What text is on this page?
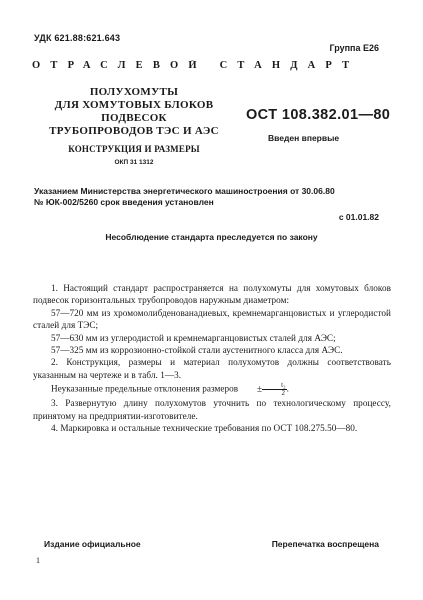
УДК 621.88:621.643
Группа Е26
ОТРАСЛЕВОЙ СТАНДАРТ
ПОЛУХОМУТЫ
ДЛЯ ХОМУТОВЫХ БЛОКОВ
ПОДВЕСОК
ТРУБОПРОВОДОВ ТЭС И АЭС
КОНСТРУКЦИЯ И РАЗМЕРЫ
ОКП 31 1312
ОСТ 108.382.01—80
Введен впервые
Указанием Министерства энергетического машиностроения от 30.06.80
№ ЮК-002/5260 срок введения установлен
с 01.01.82
Несоблюдение стандарта преследуется по закону

1. Настоящий стандарт распространяется на полухомуты для хомутовых блоков подвесок горизонтальных трубопроводов наружным диаметром:

57—720 мм из хромомолибденованадиевых, кремнемарганцовистых и углеродистой сталей для ТЭС;

57—630 мм из углеродистой и кремнемарганцовистых сталей для АЭС;

57—325 мм из коррозионно-стойкой стали аустенитного класса для АЭС.

2. Конструкция, размеры и материал полухомутов должны соответствовать указанным на чертеже и в табл. 1—3.

Неуказанные предельные отклонения размеров ± $\frac{\text{t₂}}{2}$ .

3. Развернутую длину полухомутов уточнить по технологическому процессу, принятому на предприятии-изготовителе.

4. Маркировка и остальные технические требования по ОСТ 108.275.50—80.

Издание официальное	Перепечатка воспрещена
1
